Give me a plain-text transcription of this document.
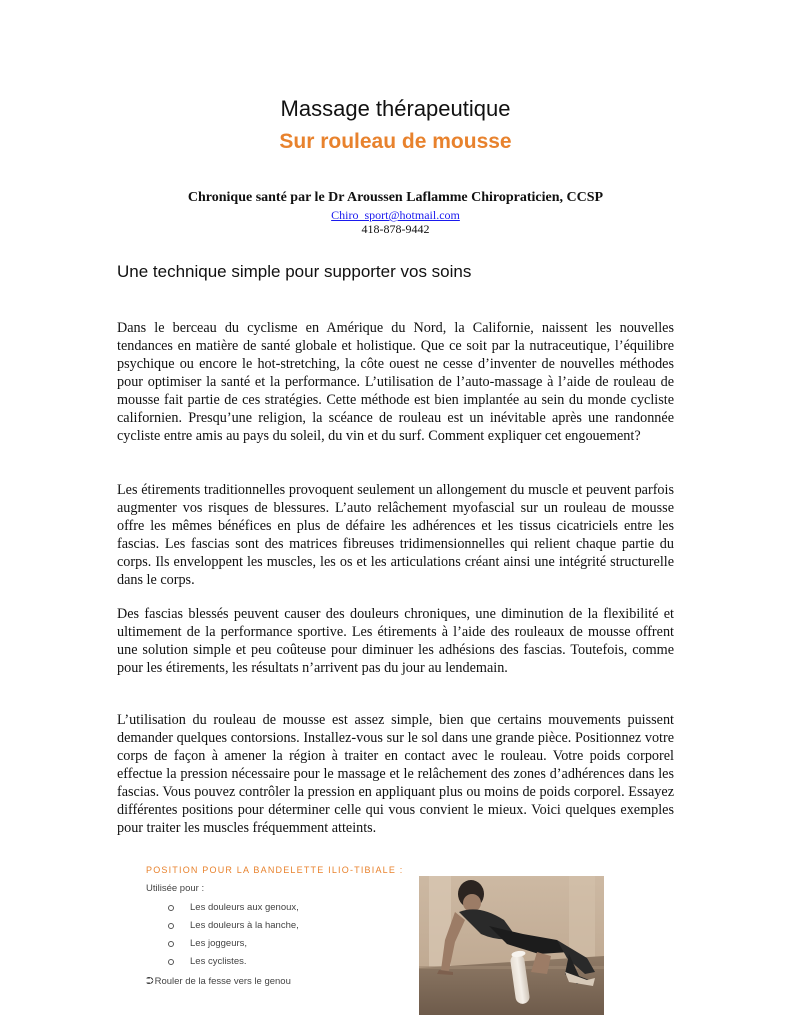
Massage thérapeutique
Sur rouleau de mousse
Chronique santé par le Dr Aroussen Laflamme Chiropraticien, CCSP
Chiro_sport@hotmail.com
418-878-9442
Une technique simple pour supporter vos soins
Dans le berceau du cyclisme en Amérique du Nord, la Californie, naissent les nouvelles tendances en matière de santé globale et holistique. Que ce soit par la nutraceutique, l’équilibre psychique ou encore le hot-stretching, la côte ouest ne cesse d’inventer de nouvelles méthodes pour optimiser la santé et la performance. L’utilisation de l’auto-massage à l’aide de rouleau de mousse fait partie de ces stratégies. Cette méthode est bien implantée au sein du monde cycliste californien. Presqu’une religion, la scéance de rouleau est un inévitable après une randonnée cycliste entre amis au pays du soleil, du vin et du surf. Comment expliquer cet engouement?
Les étirements traditionnelles provoquent seulement un allongement du muscle et peuvent parfois augmenter vos risques de blessures. L’auto relâchement myofascial sur un rouleau de mousse offre les mêmes bénéfices en plus de défaire les adhérences et les tissus cicatriciels entre les fascias. Les fascias sont des matrices fibreuses tridimensionnelles qui relient chaque partie du corps. Ils enveloppent les muscles, les os et les articulations créant ainsi une intégrité structurelle dans le corps.
Des fascias blessés peuvent causer des douleurs chroniques, une diminution de la flexibilité et ultimement de la performance sportive. Les étirements à l’aide des rouleaux de mousse offrent une solution simple et peu coûteuse pour diminuer les adhésions des fascias. Toutefois, comme pour les étirements, les résultats n’arrivent pas du jour au lendemain.
L’utilisation du rouleau de mousse est assez simple, bien que certains mouvements puissent demander quelques contorsions. Installez-vous sur le sol dans une grande pièce. Positionnez votre corps de façon à amener la région à traiter en contact avec le rouleau. Votre poids corporel effectue la pression nécessaire pour le massage et le relâchement des zones d’adhérences dans les fascias. Vous pouvez contrôler la pression en appliquant plus ou moins de poids corporel. Essayez différentes positions pour déterminer celle qui vous convient le mieux. Voici quelques exemples pour traiter les muscles fréquemment atteints.
POSITION POUR LA BANDELETTE ILIO-TIBIALE :
Utilisée pour :
Les douleurs aux genoux,
Les douleurs à la hanche,
Les joggeurs,
Les cyclistes.
⮊ Rouler de la fesse vers le genou
